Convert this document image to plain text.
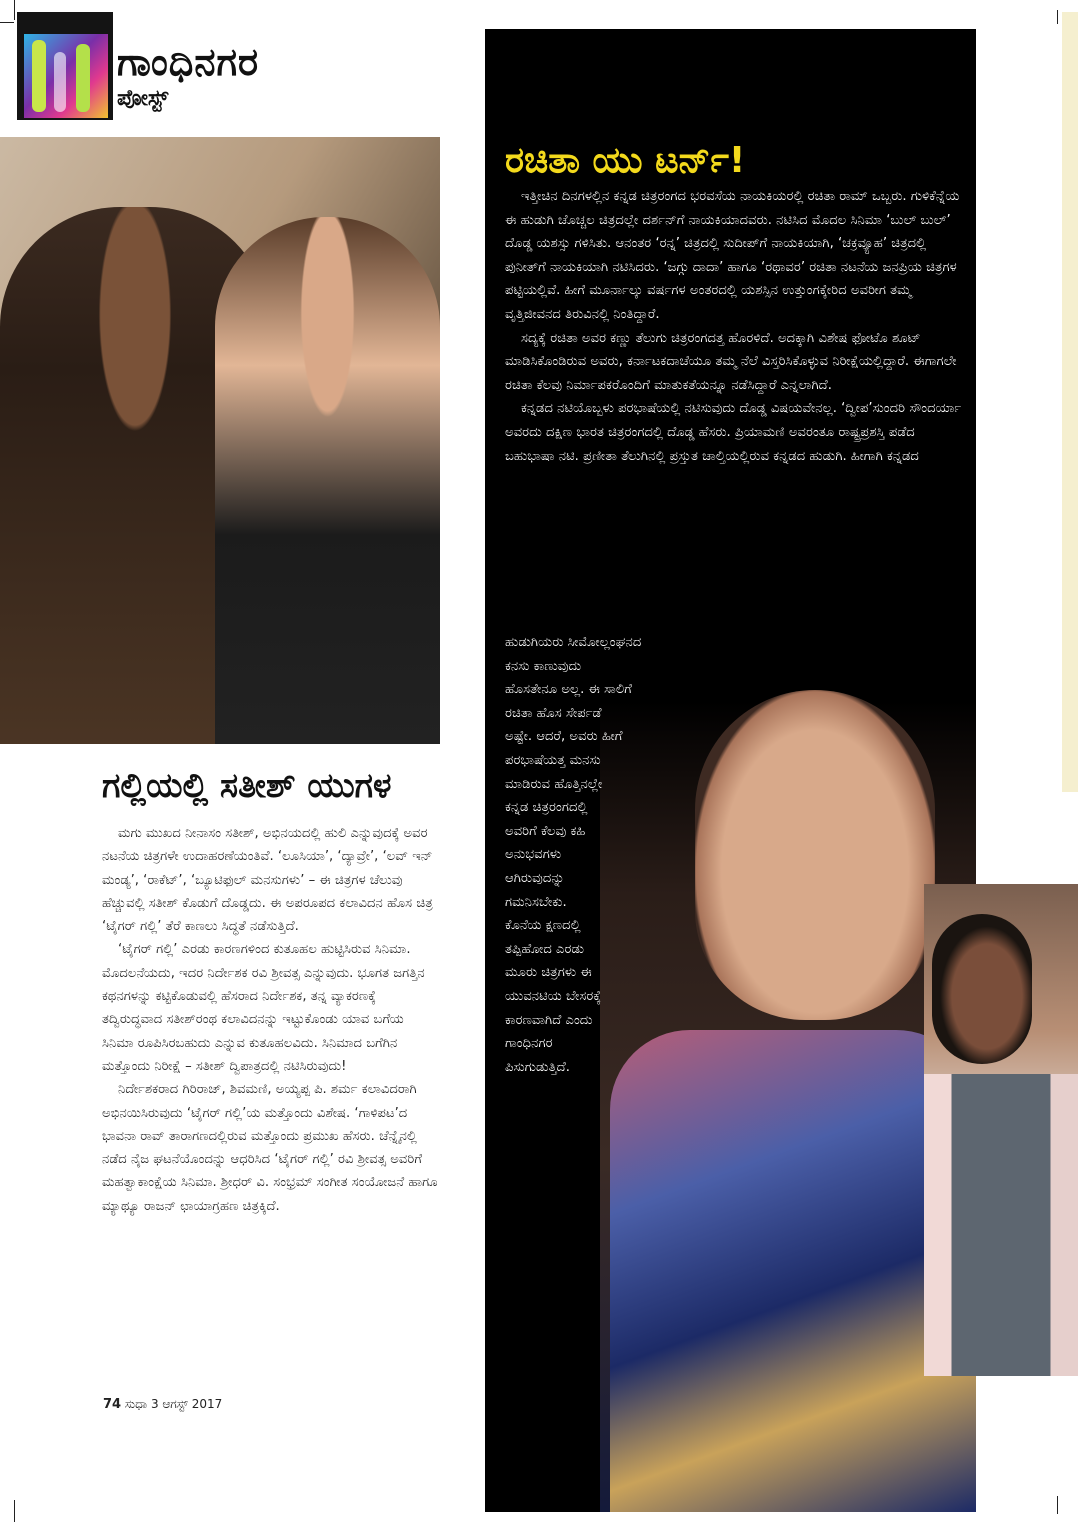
ಗಾಂಧಿನಗರ
ಪೋಸ್ಟ್
ಗಲ್ಲಿಯಲ್ಲಿ ಸತೀಶ್ ಯುಗಳ

ಮಗು ಮುಖದ ನೀನಾಸಂ ಸತೀಶ್, ಅಭಿನಯದಲ್ಲಿ ಹುಲಿ ಎನ್ನುವುದಕ್ಕೆ ಅವರ ನಟನೆಯ ಚಿತ್ರಗಳೇ ಉದಾಹರಣೆಯಂತಿವೆ. ‘ಲೂಸಿಯಾ’, ‘ದ್ಯಾವ್ರೇ’, ‘ಲವ್ ಇನ್ ಮಂಡ್ಯ’, ‘ರಾಕೆಟ್’, ‘ಬ್ಯೂಟಿಫುಲ್ ಮನಸುಗಳು’ – ಈ ಚಿತ್ರಗಳ ಚೆಲುವು ಹೆಚ್ಚುವಲ್ಲಿ ಸತೀಶ್ ಕೊಡುಗೆ ದೊಡ್ಡದು. ಈ ಅಪರೂಪದ ಕಲಾವಿದನ ಹೊಸ ಚಿತ್ರ ‘ಟೈಗರ್ ಗಲ್ಲಿ’ ತೆರೆ ಕಾಣಲು ಸಿದ್ಧತೆ ನಡೆಸುತ್ತಿದೆ.

‘ಟೈಗರ್ ಗಲ್ಲಿ’ ಎರಡು ಕಾರಣಗಳಿಂದ ಕುತೂಹಲ ಹುಟ್ಟಿಸಿರುವ ಸಿನಿಮಾ. ಮೊದಲನೆಯದು, ಇದರ ನಿರ್ದೇಶಕ ರವಿ ಶ್ರೀವತ್ಸ ಎನ್ನುವುದು. ಭೂಗತ ಜಗತ್ತಿನ ಕಥನಗಳನ್ನು ಕಟ್ಟಿಕೊಡುವಲ್ಲಿ ಹೆಸರಾದ ನಿರ್ದೇಶಕ, ತನ್ನ ವ್ಯಾಕರಣಕ್ಕೆ ತದ್ವಿರುದ್ಧವಾದ ಸತೀಶ್‌ರಂಥ ಕಲಾವಿದನನ್ನು ಇಟ್ಟುಕೊಂಡು ಯಾವ ಬಗೆಯ ಸಿನಿಮಾ ರೂಪಿಸಿರಬಹುದು ಎನ್ನುವ ಕುತೂಹಲವಿದು. ಸಿನಿಮಾದ ಬಗೆಗಿನ ಮತ್ತೊಂದು ನಿರೀಕ್ಷೆ – ಸತೀಶ್ ದ್ವಿಪಾತ್ರದಲ್ಲಿ ನಟಿಸಿರುವುದು!

ನಿರ್ದೇಶಕರಾದ ಗಿರಿರಾಜ್, ಶಿವಮಣಿ, ಅಯ್ಯಪ್ಪ ಪಿ. ಶರ್ಮ ಕಲಾವಿದರಾಗಿ ಅಭಿನಯಿಸಿರುವುದು ‘ಟೈಗರ್ ಗಲ್ಲಿ’ಯ ಮತ್ತೊಂದು ವಿಶೇಷ. ‘ಗಾಳಿಪಟ’ದ ಭಾವನಾ ರಾವ್ ತಾರಾಗಣದಲ್ಲಿರುವ ಮತ್ತೊಂದು ಪ್ರಮುಖ ಹೆಸರು. ಚೆನ್ನೈನಲ್ಲಿ ನಡೆದ ನೈಜ ಘಟನೆಯೊಂದನ್ನು ಆಧರಿಸಿದ ‘ಟೈಗರ್ ಗಲ್ಲಿ’ ರವಿ ಶ್ರೀವತ್ಸ ಅವರಿಗೆ ಮಹತ್ವಾಕಾಂಕ್ಷೆಯ ಸಿನಿಮಾ. ಶ್ರೀಧರ್ ವಿ. ಸಂಭ್ರಮ್ ಸಂಗೀತ ಸಂಯೋಜನೆ ಹಾಗೂ ಮ್ಯಾಥ್ಯೂ ರಾಜನ್ ಛಾಯಾಗ್ರಹಣ ಚಿತ್ರಕ್ಕಿದೆ.

ರಚಿತಾ ಯು ಟರ್ನ್!

ಇತ್ತೀಚಿನ ದಿನಗಳಲ್ಲಿನ ಕನ್ನಡ ಚಿತ್ರರಂಗದ ಭರವಸೆಯ ನಾಯಕಿಯರಲ್ಲಿ ರಚಿತಾ ರಾಮ್ ಒಬ್ಬರು. ಗುಳಿಕೆನ್ನೆಯ ಈ ಹುಡುಗಿ ಚೊಚ್ಚಲ ಚಿತ್ರದಲ್ಲೇ ದರ್ಶನ್‌ಗೆ ನಾಯಕಿಯಾದವರು. ನಟಿಸಿದ ಮೊದಲ ಸಿನಿಮಾ ‘ಬುಲ್ ಬುಲ್’ ದೊಡ್ಡ ಯಶಸ್ಸು ಗಳಿಸಿತು. ಆನಂತರ ‘ರನ್ನ’ ಚಿತ್ರದಲ್ಲಿ ಸುದೀಪ್‌ಗೆ ನಾಯಕಿಯಾಗಿ, ‘ಚಕ್ರವ್ಯೂಹ’ ಚಿತ್ರದಲ್ಲಿ ಪುನೀತ್‌ಗೆ ನಾಯಕಿಯಾಗಿ ನಟಿಸಿದರು. ‘ಜಗ್ಗು ದಾದಾ’ ಹಾಗೂ ‘ರಥಾವರ’ ರಚಿತಾ ನಟನೆಯ ಜನಪ್ರಿಯ ಚಿತ್ರಗಳ ಪಟ್ಟಿಯಲ್ಲಿವೆ. ಹೀಗೆ ಮೂರ್ನಾಲ್ಕು ವರ್ಷಗಳ ಅಂತರದಲ್ಲಿ ಯಶಸ್ಸಿನ ಉತ್ತುಂಗಕ್ಕೇರಿದ ಅವರೀಗ ತಮ್ಮ ವೃತ್ತಿಜೀವನದ ತಿರುವಿನಲ್ಲಿ ನಿಂತಿದ್ದಾರೆ.

ಸದ್ಯಕ್ಕೆ ರಚಿತಾ ಅವರ ಕಣ್ಣು ತೆಲುಗು ಚಿತ್ರರಂಗದತ್ತ ಹೊರಳಿದೆ. ಅದಕ್ಕಾಗಿ ವಿಶೇಷ ಫೋಟೊ ಶೂಟ್ ಮಾಡಿಸಿಕೊಂಡಿರುವ ಅವರು, ಕರ್ನಾಟಕದಾಚೆಯೂ ತಮ್ಮ ನೆಲೆ ವಿಸ್ತರಿಸಿಕೊಳ್ಳುವ ನಿರೀಕ್ಷೆಯಲ್ಲಿದ್ದಾರೆ. ಈಗಾಗಲೇ ರಚಿತಾ ಕೆಲವು ನಿರ್ಮಾಪಕರೊಂದಿಗೆ ಮಾತುಕತೆಯನ್ನೂ ನಡೆಸಿದ್ದಾರೆ ಎನ್ನಲಾಗಿದೆ.

ಕನ್ನಡದ ನಟಿಯೊಬ್ಬಳು ಪರಭಾಷೆಯಲ್ಲಿ ನಟಿಸುವುದು ದೊಡ್ಡ ವಿಷಯವೇನಲ್ಲ. ‘ದ್ವೀಪ’ಸುಂದರಿ ಸೌಂದರ್ಯಾ ಅವರದು ದಕ್ಷಿಣ ಭಾರತ ಚಿತ್ರರಂಗದಲ್ಲಿ ದೊಡ್ಡ ಹೆಸರು. ಪ್ರಿಯಾಮಣಿ ಅವರಂತೂ ರಾಷ್ಟ್ರಪ್ರಶಸ್ತಿ ಪಡೆದ ಬಹುಭಾಷಾ ನಟಿ. ಪ್ರಣೀತಾ ತೆಲುಗಿನಲ್ಲಿ ಪ್ರಸ್ತುತ ಚಾಲ್ತಿಯಲ್ಲಿರುವ ಕನ್ನಡದ ಹುಡುಗಿ. ಹೀಗಾಗಿ ಕನ್ನಡದ

ಹುಡುಗಿಯರು ಸೀಮೋಲ್ಲಂಘನದ
ಕನಸು ಕಾಣುವುದು
ಹೊಸತೇನೂ ಅಲ್ಲ. ಈ ಸಾಲಿಗೆ
ರಚಿತಾ ಹೊಸ ಸೇರ್ಪಡೆ
ಅಷ್ಟೇ. ಆದರೆ, ಅವರು ಹೀಗೆ
ಪರಭಾಷೆಯತ್ತ ಮನಸು
ಮಾಡಿರುವ ಹೊತ್ತಿನಲ್ಲೇ
ಕನ್ನಡ ಚಿತ್ರರಂಗದಲ್ಲಿ
ಅವರಿಗೆ ಕೆಲವು ಕಹಿ
ಅನುಭವಗಳು
ಆಗಿರುವುದನ್ನು
ಗಮನಿಸಬೇಕು.
ಕೊನೆಯ ಕ್ಷಣದಲ್ಲಿ
ತಪ್ಪಿಹೋದ ಎರಡು
ಮೂರು ಚಿತ್ರಗಳು ಈ
ಯುವನಟಿಯ ಬೇಸರಕ್ಕೆ
ಕಾರಣವಾಗಿದೆ ಎಂದು
ಗಾಂಧಿನಗರ
ಪಿಸುಗುಡುತ್ತಿದೆ.
74 ಸುಧಾ 3 ಆಗಸ್ಟ್ 2017
